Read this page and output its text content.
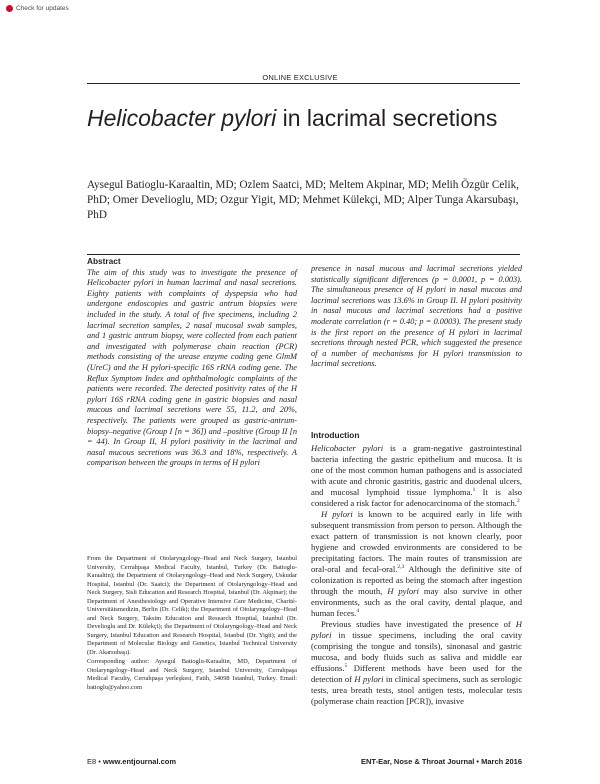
Check for updates
ONLINE EXCLUSIVE
Helicobacter pylori in lacrimal secretions
Aysegul Batioglu-Karaaltin, MD; Ozlem Saatci, MD; Meltem Akpinar, MD; Melih Özgür Celik, PhD; Omer Develioglu, MD; Ozgur Yigit, MD; Mehmet Külekçi, MD; Alper Tunga Akarsubaşı, PhD
Abstract
The aim of this study was to investigate the presence of Helicobacter pylori in human lacrimal and nasal secretions. Eighty patients with complaints of dyspepsia who had undergone endoscopies and gastric antrum biopsies were included in the study. A total of five specimens, including 2 lacrimal secretion samples, 2 nasal mucosal swab samples, and 1 gastric antrum biopsy, were collected from each patient and investigated with polymerase chain reaction (PCR) methods consisting of the urease enzyme coding gene GlmM (UreC) and the H pylori-specific 16S rRNA coding gene. The Reflux Symptom Index and ophthalmologic complaints of the patients were recorded. The detected positivity rates of the H pylori 16S rRNA coding gene in gastric biopsies and nasal mucous and lacrimal secretions were 55, 11.2, and 20%, respectively. The patients were grouped as gastric-antrum-biopsy–negative (Group I [n = 36]) and –positive (Group II [n = 44). In Group II, H pylori positivity in the lacrimal and nasal mucous secretions was 36.3 and 18%, respectively. A comparison between the groups in terms of H pylori
presence in nasal mucous and lacrimal secretions yielded statistically significant differences (p = 0.0001, p = 0.003). The simultaneous presence of H pylori in nasal mucous and lacrimal secretions was 13.6% in Group II. H pylori positivity in nasal mucous and lacrimal secretions had a positive moderate correlation (r = 0.40; p = 0.0003). The present study is the first report on the presence of H pylori in lacrimal secretions through nested PCR, which suggested the presence of a number of mechanisms for H pylori transmission to lacrimal secretions.
Introduction

Helicobacter pylori is a gram-negative gastrointestinal bacteria infecting the gastric epithelium and mucosa. It is one of the most common human pathogens and is associated with acute and chronic gastritis, gastric and duodenal ulcers, and mucosal lymphoid tissue lymphoma.$^1$ It is also considered a risk factor for adenocarcinoma of the stomach.$^2$

H pylori is known to be acquired early in life with subsequent transmission from person to person. Although the exact pattern of transmission is not known clearly, poor hygiene and crowded environments are considered to be precipitating factors. The main routes of transmission are oral-oral and fecal-oral.$^{2,3}$ Although the definitive site of colonization is reported as being the stomach after ingestion through the mouth, H pylori may also survive in other environments, such as the oral cavity, dental plaque, and human feces.$^4$

Previous studies have investigated the presence of H pylori in tissue specimens, including the oral cavity (comprising the tongue and tonsils), sinonasal and gastric mucosa, and body fluids such as saliva and middle ear effusions.$^5$ Different methods have been used for the detection of H pylori in clinical specimens, such as serologic tests, urea breath tests, stool antigen tests, molecular tests (polymerase chain reaction [PCR]), invasive

From the Department of Otolaryngology–Head and Neck Surgery, Istanbul University, Cerrahpaşa Medical Faculty, Istanbul, Turkey (Dr. Batioglu-Karaaltin); the Department of Otolaryngology–Head and Neck Surgery, Uskudar Hospital, Istanbul (Dr. Saatci); the Department of Otolaryngology–Head and Neck Surgery, Sisli Education and Research Hospital, Istanbul (Dr. Akpinar); the Department of Anesthesiology and Operative Intensive Care Medicine, Charité-Universitätsmedizin, Berlin (Dr. Celik); the Department of Otolaryngology–Head and Neck Surgery, Taksim Education and Research Hospital, Istanbul (Dr. Develioglu and Dr. Külekçi); the Department of Otolaryngology–Head and Neck Surgery, Istanbul Education and Research Hospital, Istanbul (Dr. Yigit); and the Department of Molecular Biology and Genetics, Istanbul Technical University (Dr. Akarsubaşı).

Corresponding author: Aysegul Batioglu-Karaaltin, MD, Department of Otolaryngology–Head and Neck Surgery, Istanbul University, Cerrahpaşa Medical Faculty, Cerrahpaşa yerleşkesi, Fatih, 34098 Istanbul, Turkey. Email: batioglu@yahoo.com

E8 • www.entjournal.com	ENT-Ear, Nose & Throat Journal • March 2016
